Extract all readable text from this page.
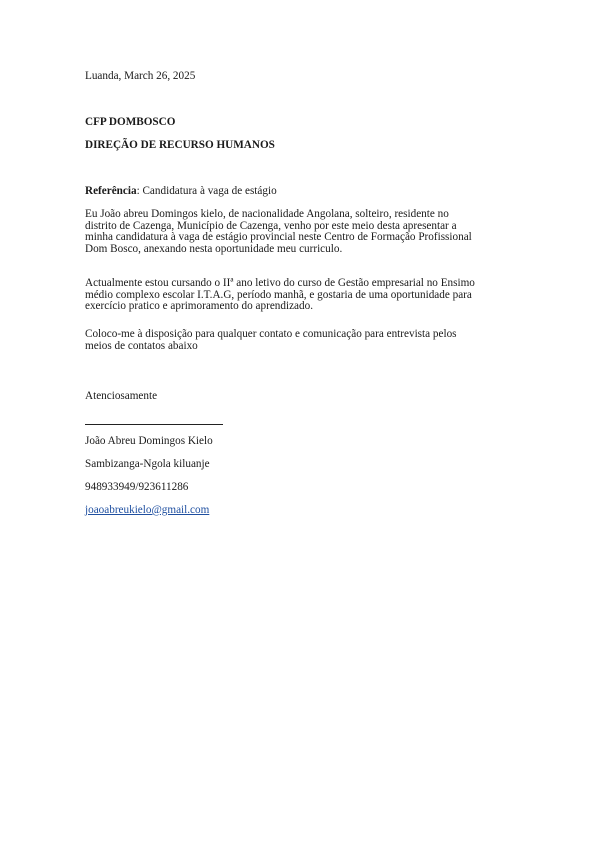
Luanda, March 26, 2025
CFP DOMBOSCO
DIREÇÃO DE RECURSO HUMANOS
Referência: Candidatura à vaga de estágio
Eu João abreu Domingos kielo, de nacionalidade Angolana, solteiro, residente no
distrito de Cazenga, Município de Cazenga, venho por este meio desta apresentar a
minha candidatura à vaga de estágio provincial neste Centro de Formação Profissional
Dom Bosco, anexando nesta oportunidade meu curriculo.
Actualmente estou cursando o IIª ano letivo do curso de Gestão empresarial no Ensimo
médio complexo escolar I.T.A.G, período manhã, e gostaria de uma oportunidade para
exercício pratico e aprimoramento do aprendizado.
Coloco-me à disposição para qualquer contato e comunicação para entrevista pelos
meios de contatos abaixo
Atenciosamente
João Abreu Domingos Kielo
Sambizanga-Ngola kiluanje
948933949/923611286
joaoabreukielo@gmail.com
